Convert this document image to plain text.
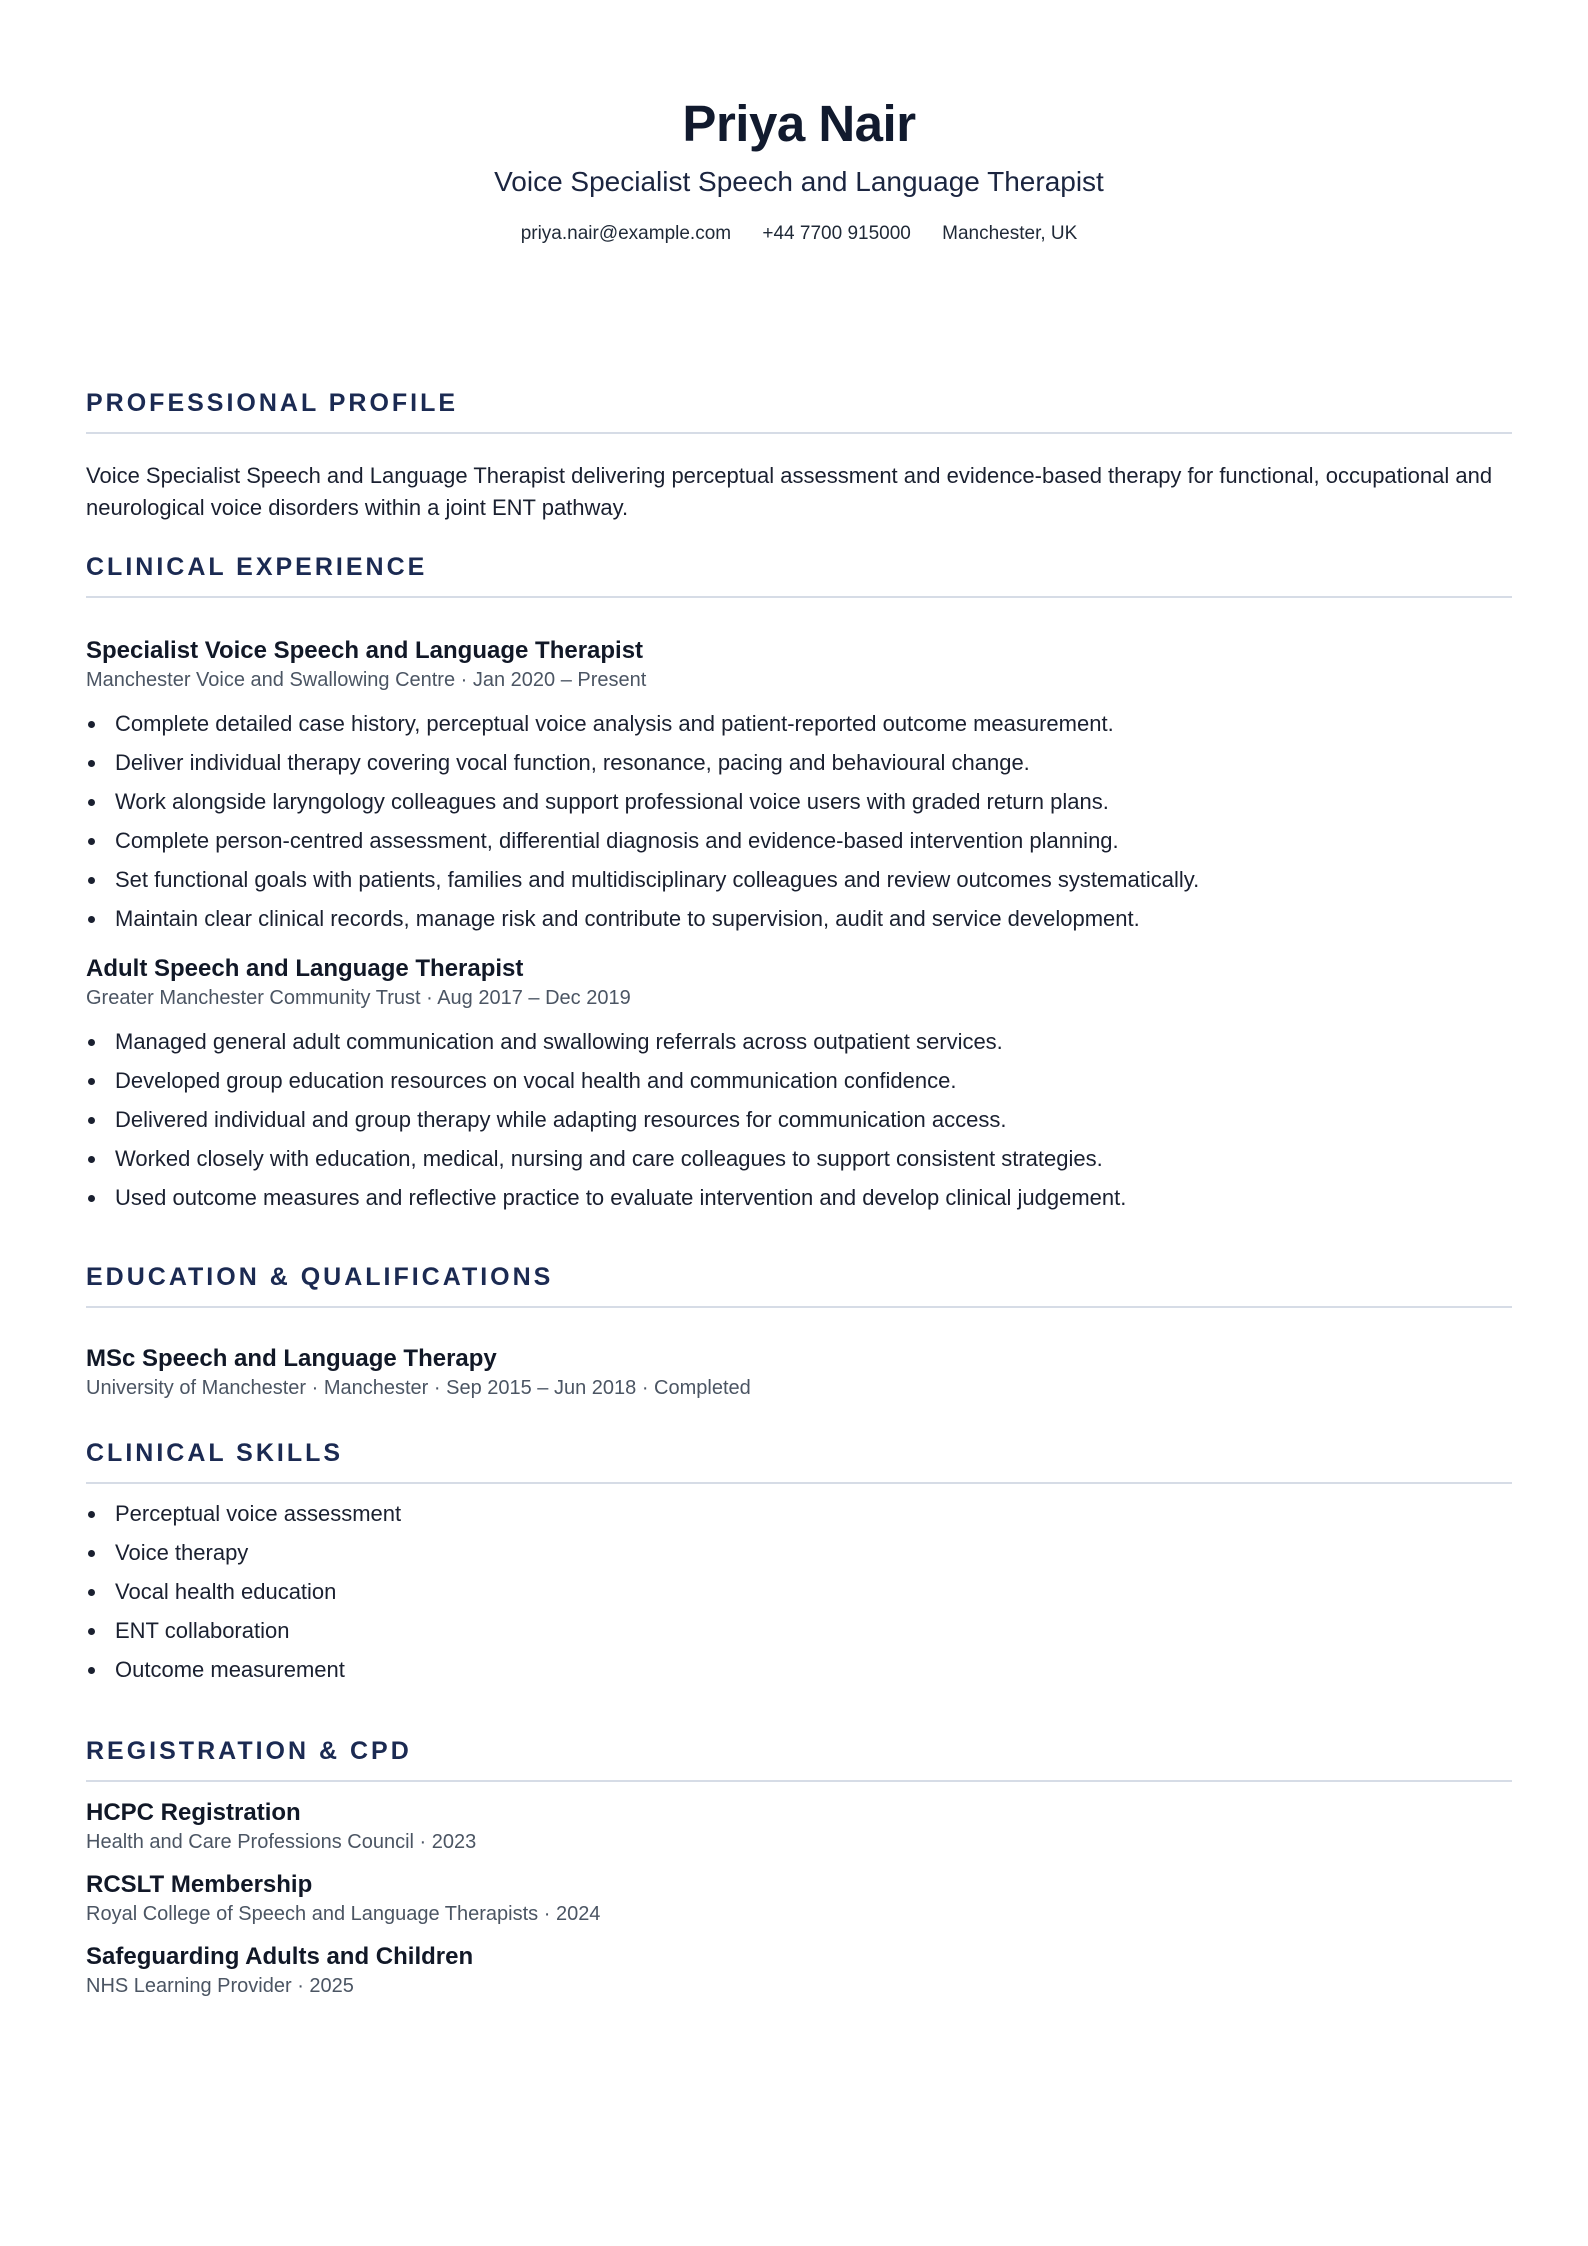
Priya Nair
Voice Specialist Speech and Language Therapist
priya.nair@example.com +44 7700 915000 Manchester, UK
PROFESSIONAL PROFILE

Voice Specialist Speech and Language Therapist delivering perceptual assessment and evidence-based therapy for functional, occupational and neurological voice disorders within a joint ENT pathway.

CLINICAL EXPERIENCE
Specialist Voice Speech and Language Therapist
Manchester Voice and Swallowing Centre · Jan 2020 – Present
Complete detailed case history, perceptual voice analysis and patient-reported outcome measurement.
Deliver individual therapy covering vocal function, resonance, pacing and behavioural change.
Work alongside laryngology colleagues and support professional voice users with graded return plans.
Complete person-centred assessment, differential diagnosis and evidence-based intervention planning.
Set functional goals with patients, families and multidisciplinary colleagues and review outcomes systematically.
Maintain clear clinical records, manage risk and contribute to supervision, audit and service development.
Adult Speech and Language Therapist
Greater Manchester Community Trust · Aug 2017 – Dec 2019
Managed general adult communication and swallowing referrals across outpatient services.
Developed group education resources on vocal health and communication confidence.
Delivered individual and group therapy while adapting resources for communication access.
Worked closely with education, medical, nursing and care colleagues to support consistent strategies.
Used outcome measures and reflective practice to evaluate intervention and develop clinical judgement.
EDUCATION & QUALIFICATIONS
MSc Speech and Language Therapy
University of Manchester · Manchester · Sep 2015 – Jun 2018 · Completed
CLINICAL SKILLS
Perceptual voice assessment
Voice therapy
Vocal health education
ENT collaboration
Outcome measurement
REGISTRATION & CPD
HCPC Registration
Health and Care Professions Council · 2023
RCSLT Membership
Royal College of Speech and Language Therapists · 2024
Safeguarding Adults and Children
NHS Learning Provider · 2025
